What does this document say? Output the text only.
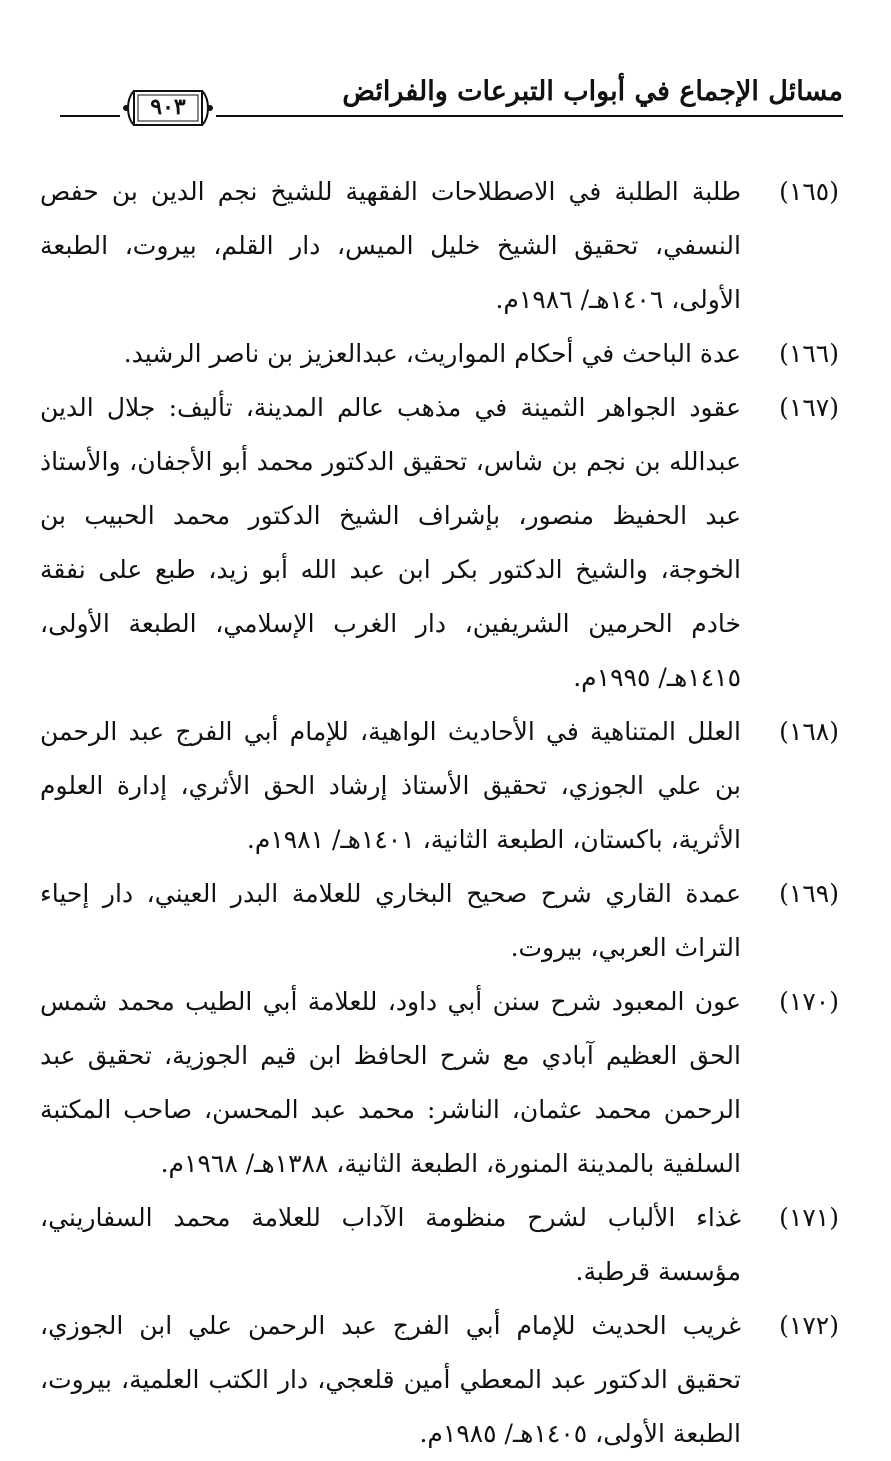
مسائل الإجماع في أبواب التبرعات والفرائض
٩٠٣
(١٦٥)
طلبة الطلبة في الاصطلاحات الفقهية للشيخ نجم الدين بن حفص النسفي، تحقيق الشيخ خليل الميس، دار القلم، بيروت، الطبعة الأولى، ١٤٠٦هـ/ ١٩٨٦م.
(١٦٦)
عدة الباحث في أحكام المواريث، عبدالعزيز بن ناصر الرشيد.
(١٦٧)
عقود الجواهر الثمينة في مذهب عالم المدينة، تأليف: جلال الدين عبدالله بن نجم بن شاس، تحقيق الدكتور محمد أبو الأجفان، والأستاذ عبد الحفيظ منصور، بإشراف الشيخ الدكتور محمد الحبيب بن الخوجة، والشيخ الدكتور بكر ابن عبد الله أبو زيد، طبع على نفقة خادم الحرمين الشريفين، دار الغرب الإسلامي، الطبعة الأولى، ١٤١٥هـ/ ١٩٩٥م.
(١٦٨)
العلل المتناهية في الأحاديث الواهية، للإمام أبي الفرج عبد الرحمن بن علي الجوزي، تحقيق الأستاذ إرشاد الحق الأثري، إدارة العلوم الأثرية، باكستان، الطبعة الثانية، ١٤٠١هـ/ ١٩٨١م.
(١٦٩)
عمدة القاري شرح صحيح البخاري للعلامة البدر العيني، دار إحياء التراث العربي، بيروت.
(١٧٠)
عون المعبود شرح سنن أبي داود، للعلامة أبي الطيب محمد شمس الحق العظيم آبادي مع شرح الحافظ ابن قيم الجوزية، تحقيق عبد الرحمن محمد عثمان، الناشر: محمد عبد المحسن، صاحب المكتبة السلفية بالمدينة المنورة، الطبعة الثانية، ١٣٨٨هـ/ ١٩٦٨م.
(١٧١)
غذاء الألباب لشرح منظومة الآداب للعلامة محمد السفاريني، مؤسسة قرطبة.
(١٧٢)
غريب الحديث للإمام أبي الفرج عبد الرحمن علي ابن الجوزي، تحقيق الدكتور عبد المعطي أمين قلعجي، دار الكتب العلمية، بيروت، الطبعة الأولى، ١٤٠٥هـ/ ١٩٨٥م.
